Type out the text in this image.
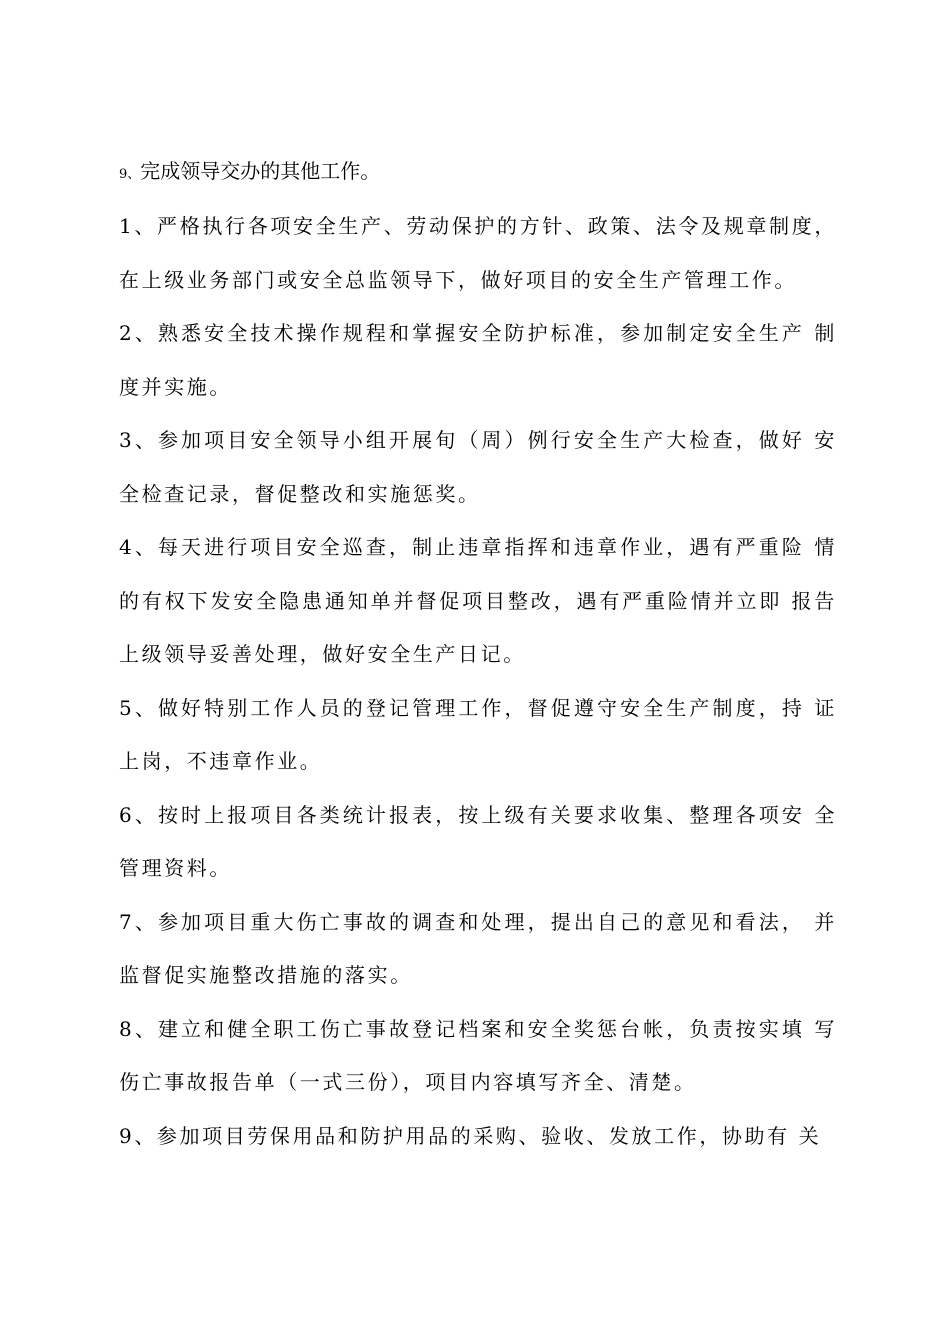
9、完成领导交办的其他工作。

1、严格执行各项安全生产、劳动保护的方针、政策、法令及规章制度，在上级业务部门或安全总监领导下，做好项目的安全生产管理工作。

2、熟悉安全技术操作规程和掌握安全防护标准，参加制定安全生产 制度并实施。

3、参加项目安全领导小组开展旬（周）例行安全生产大检查，做好 安全检查记录，督促整改和实施惩奖。

4、每天进行项目安全巡查，制止违章指挥和违章作业，遇有严重险 情的有权下发安全隐患通知单并督促项目整改，遇有严重险情并立即 报告上级领导妥善处理，做好安全生产日记。

5、做好特别工作人员的登记管理工作，督促遵守安全生产制度，持 证上岗，不违章作业。

6、按时上报项目各类统计报表，按上级有关要求收集、整理各项安 全管理资料。

7、参加项目重大伤亡事故的调查和处理，提出自己的意见和看法， 并监督促实施整改措施的落实。

8、建立和健全职工伤亡事故登记档案和安全奖惩台帐，负责按实填 写伤亡事故报告单（一式三份），项目内容填写齐全、清楚。

9、参加项目劳保用品和防护用品的采购、验收、发放工作，协助有 关
